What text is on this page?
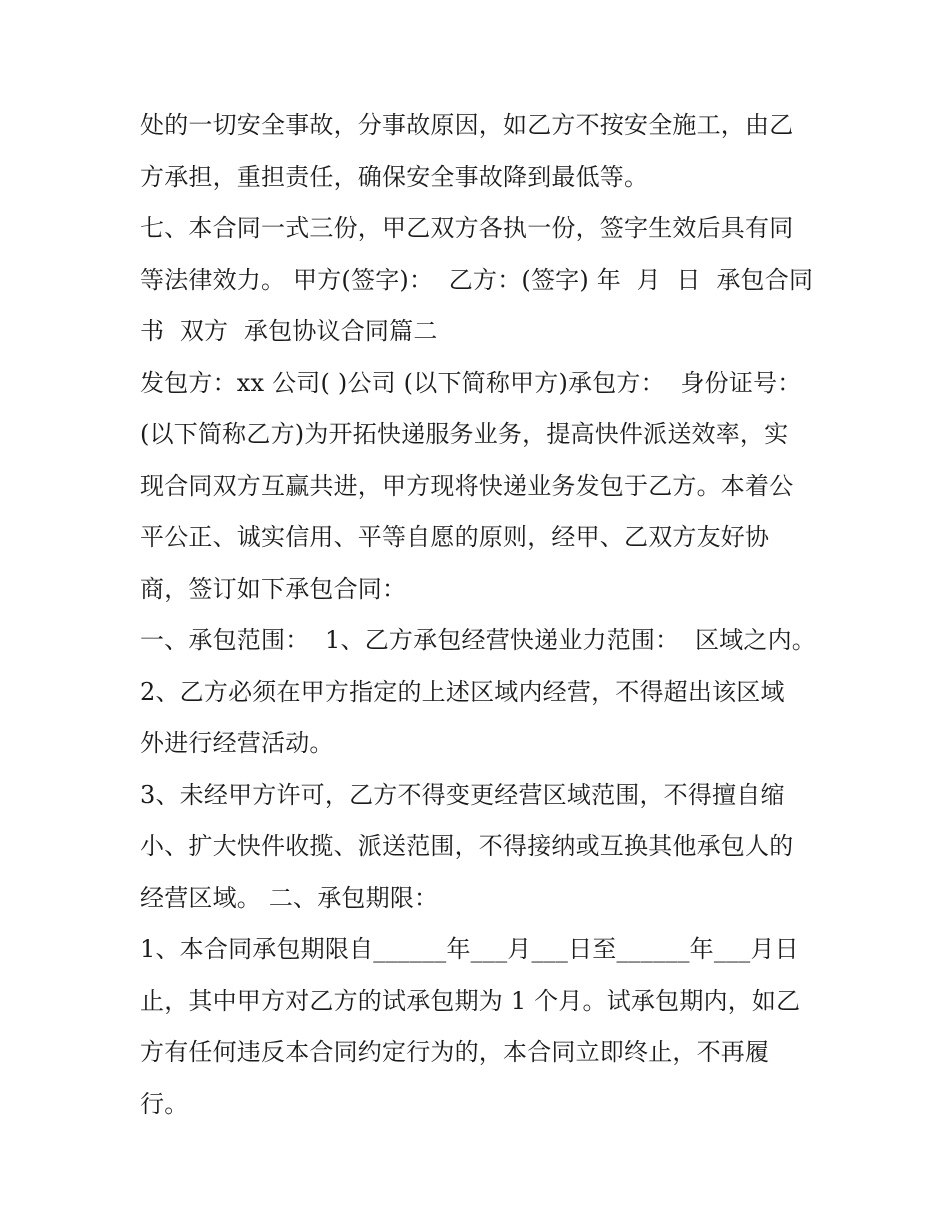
处的一切安全事故，分事故原因，如乙方不按安全施工，由乙
方承担，重担责任，确保安全事故降到最低等。
七、本合同一式三份，甲乙双方各执一份，签字生效后具有同
等法律效力。 甲方(签字)：  乙方：(签字) 年  月  日  承包合同
书  双方  承包协议合同篇二
发包方：xx 公司( )公司 (以下简称甲方)承包方：  身份证号：
(以下简称乙方)为开拓快递服务业务，提高快件派送效率，实
现合同双方互赢共进，甲方现将快递业务发包于乙方。本着公
平公正、诚实信用、平等自愿的原则，经甲、乙双方友好协
商，签订如下承包合同：
一、承包范围：  1、乙方承包经营快递业力范围：  区域之内。
2、乙方必须在甲方指定的上述区域内经营，不得超出该区域
外进行经营活动。
3、未经甲方许可，乙方不得变更经营区域范围，不得擅自缩
小、扩大快件收揽、派送范围，不得接纳或互换其他承包人的
经营区域。 二、承包期限：
1、本合同承包期限自______年___月___日至______年___月日
止，其中甲方对乙方的试承包期为 1 个月。试承包期内，如乙
方有任何违反本合同约定行为的，本合同立即终止，不再履
行。
